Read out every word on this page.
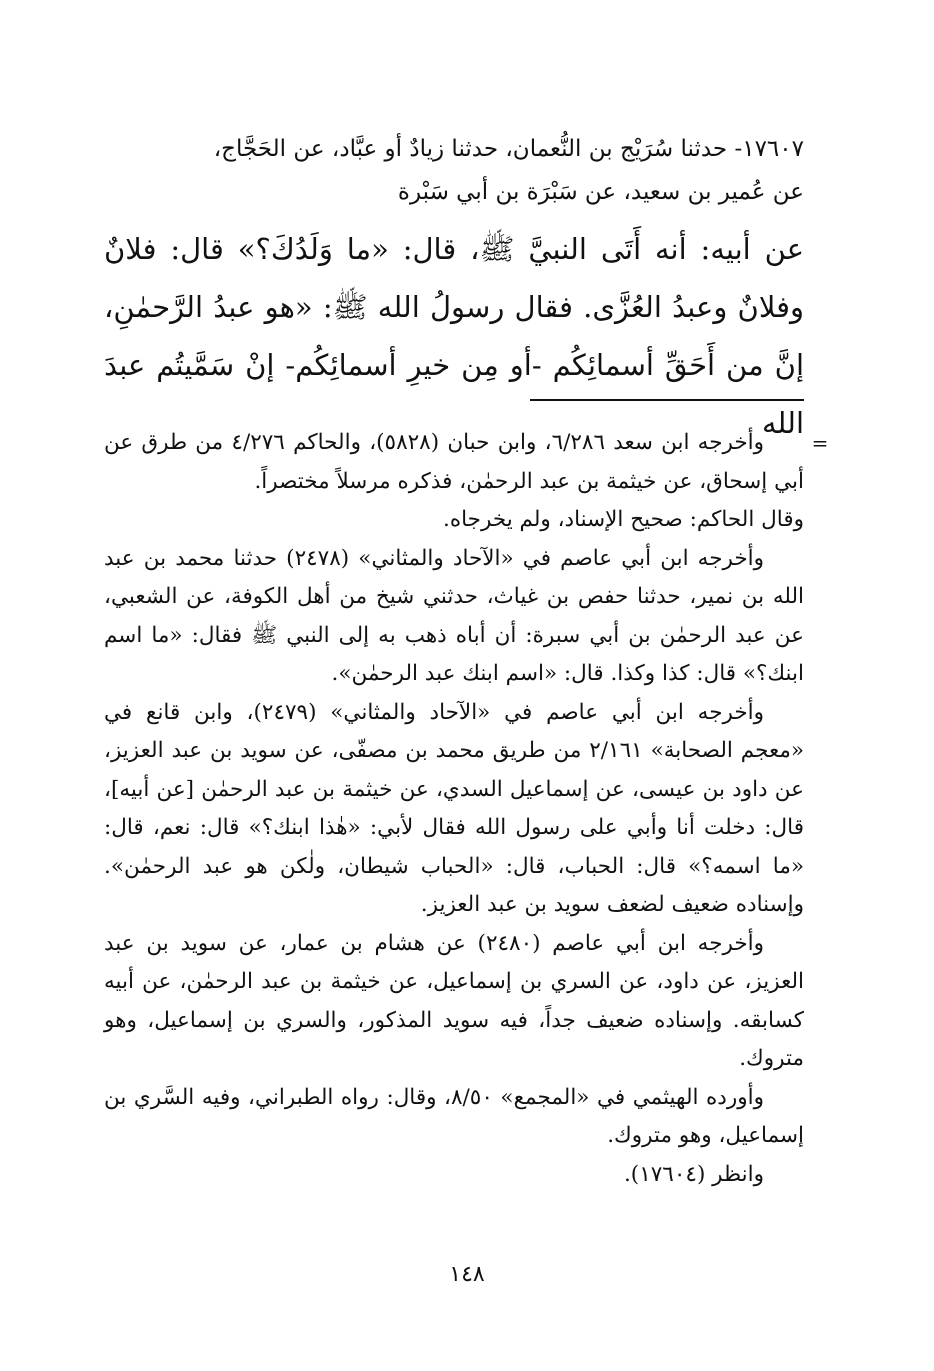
١٧٦٠٧- حدثنا سُرَيْج بن النُّعمان، حدثنا زيادٌ أو عبَّاد، عن الحَجَّاج،
عن عُمير بن سعيد، عن سَبْرَة بن أبي سَبْرة

عن أبيه: أنه أَتَى النبيَّ ﷺ، قال: «ما وَلَدُكَ؟» قال: فلانٌ وفلانٌ وعبدُ العُزَّى. فقال رسولُ الله ﷺ: «هو عبدُ الرَّحمٰنِ، إنَّ من أَحَقِّ أسمائِكُم -أو مِن خيرِ أسمائِكُم- إنْ سَمَّيتُم عبدَ الله

=

وأخرجه ابن سعد ٦/٢٨٦، وابن حبان (٥٨٢٨)، والحاكم ٤/٢٧٦ من طرق عن أبي إسحاق، عن خيثمة بن عبد الرحمٰن، فذكره مرسلاً مختصراً.

وقال الحاكم: صحيح الإسناد، ولم يخرجاه.

وأخرجه ابن أبي عاصم في «الآحاد والمثاني» (٢٤٧٨) حدثنا محمد بن عبد الله بن نمير، حدثنا حفص بن غياث، حدثني شيخ من أهل الكوفة، عن الشعبي، عن عبد الرحمٰن بن أبي سبرة: أن أباه ذهب به إلى النبي ﷺ فقال: «ما اسم ابنك؟» قال: كذا وكذا. قال: «اسم ابنك عبد الرحمٰن».

وأخرجه ابن أبي عاصم في «الآحاد والمثاني» (٢٤٧٩)، وابن قانع في «معجم الصحابة» ٢/١٦١ من طريق محمد بن مصفّى، عن سويد بن عبد العزيز، عن داود بن عيسى، عن إسماعيل السدي، عن خيثمة بن عبد الرحمٰن [عن أبيه]، قال: دخلت أنا وأبي على رسول الله فقال لأبي: «هٰذا ابنك؟» قال: نعم، قال: «ما اسمه؟» قال: الحباب، قال: «الحباب شيطان، ولٰكن هو عبد الرحمٰن». وإسناده ضعيف لضعف سويد بن عبد العزيز.

وأخرجه ابن أبي عاصم (٢٤٨٠) عن هشام بن عمار، عن سويد بن عبد العزيز، عن داود، عن السري بن إسماعيل، عن خيثمة بن عبد الرحمٰن، عن أبيه كسابقه. وإسناده ضعيف جداً، فيه سويد المذكور، والسري بن إسماعيل، وهو متروك.

وأورده الهيثمي في «المجمع» ٨/٥٠، وقال: رواه الطبراني، وفيه السَّري بن إسماعيل، وهو متروك.

وانظر (١٧٦٠٤).

١٤٨
